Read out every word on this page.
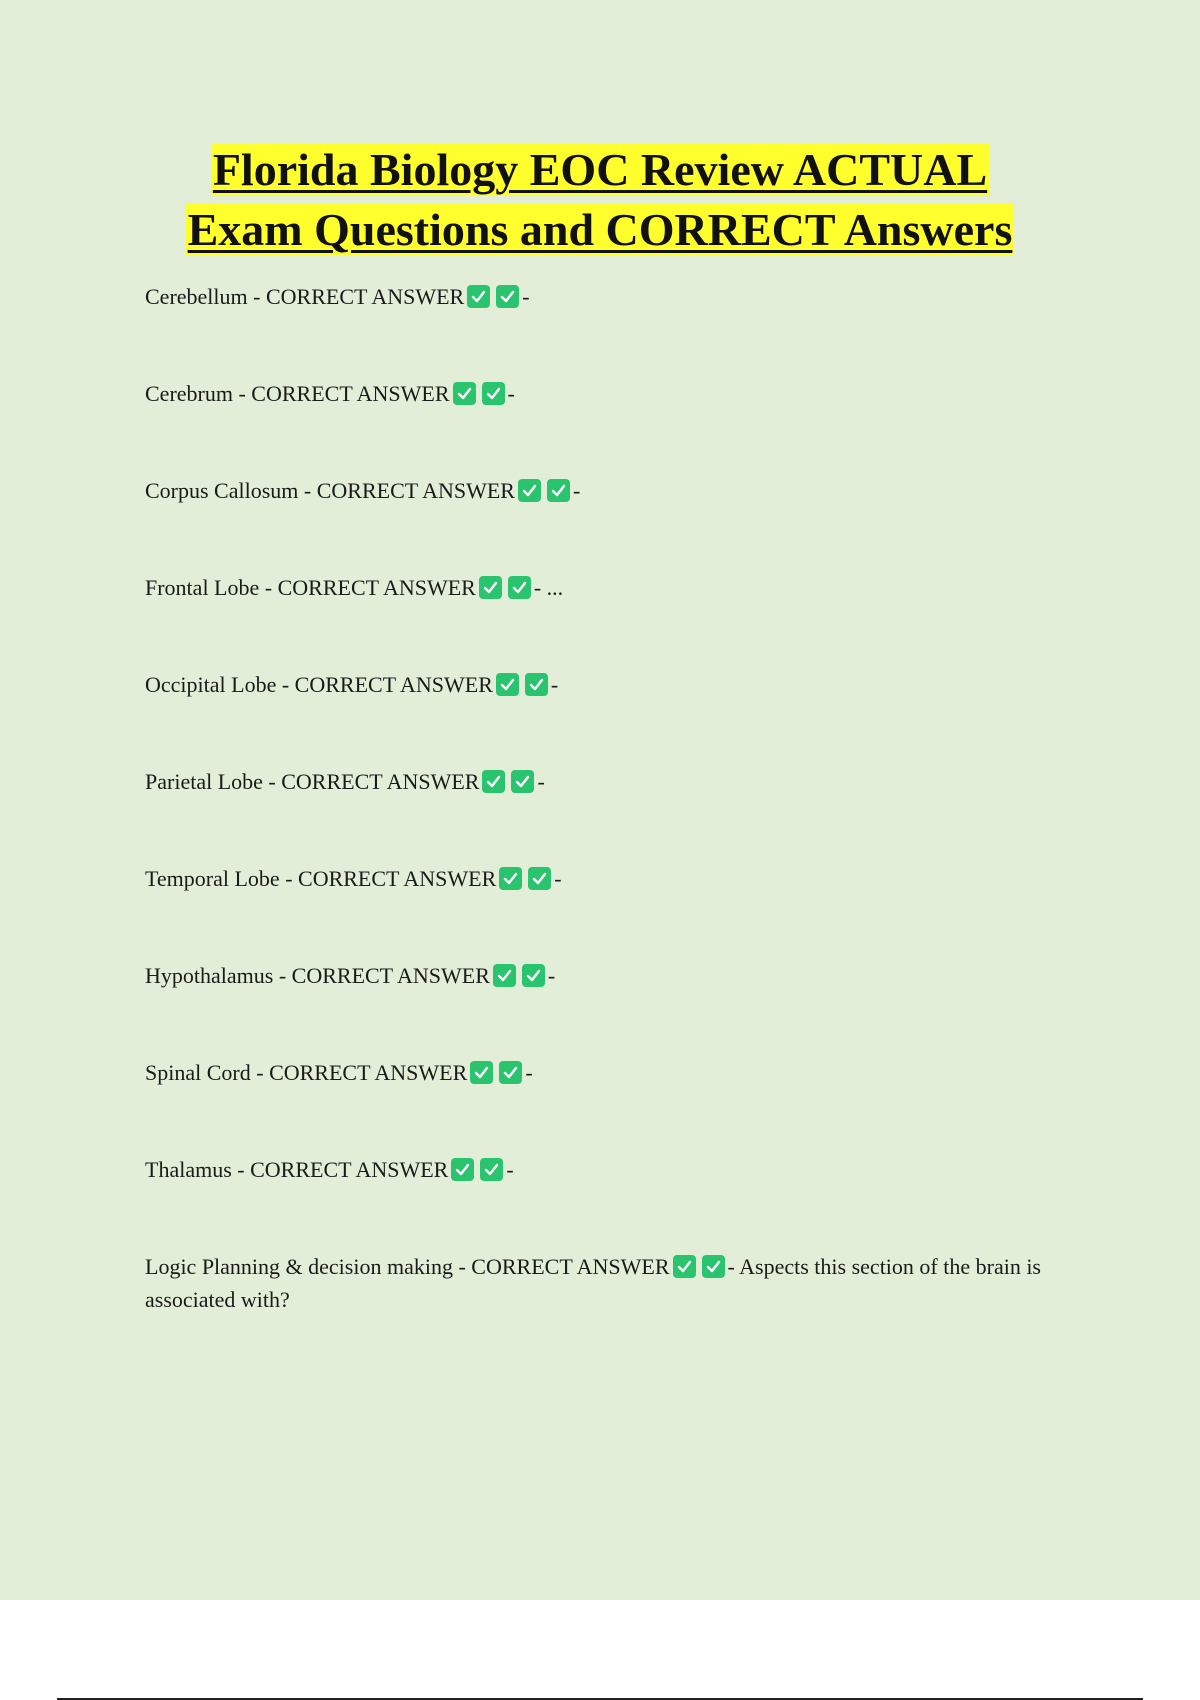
Florida Biology EOC Review ACTUAL
Exam Questions and CORRECT Answers
Cerebellum - CORRECT ANSWER	-
Cerebrum - CORRECT ANSWER	-
Corpus Callosum - CORRECT ANSWER	-
Frontal Lobe - CORRECT ANSWER	- ...
Occipital Lobe - CORRECT ANSWER	-
Parietal Lobe - CORRECT ANSWER	-
Temporal Lobe - CORRECT ANSWER	-
Hypothalamus - CORRECT ANSWER	-
Spinal Cord - CORRECT ANSWER	-
Thalamus - CORRECT ANSWER	-
Logic Planning & decision making - CORRECT ANSWER	- Aspects this section of the brain is associated with?
